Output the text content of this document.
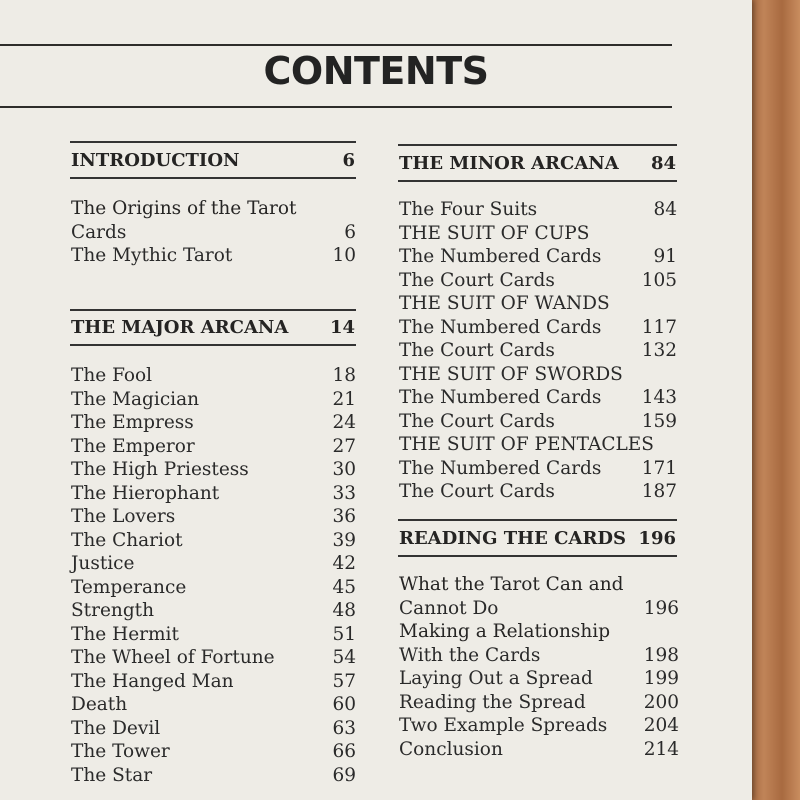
CONTENTS
INTRODUCTION	6
The Origins of the Tarot
Cards	6
The Mythic Tarot	10
THE MAJOR ARCANA 14
The Fool	18
The Magician	21
The Empress	24
The Emperor	27
The High Priestess	30
The Hierophant	33
The Lovers	36
The Chariot	39
Justice	42
Temperance	45
Strength	48
The Hermit	51
The Wheel of Fortune	54
The Hanged Man	57
Death	60
The Devil	63
The Tower	66
The Star	69
THE MINOR ARCANA 84
The Four Suits	84
THE SUIT OF CUPS
The Numbered Cards	91
The Court Cards	105
THE SUIT OF WANDS
The Numbered Cards	117
The Court Cards	132
THE SUIT OF SWORDS
The Numbered Cards	143
The Court Cards	159
THE SUIT OF PENTACLES
The Numbered Cards	171
The Court Cards	187
READING THE CARDS 196
What the Tarot Can and
Cannot Do	196
Making a Relationship
With the Cards	198
Laying Out a Spread	199
Reading the Spread	200
Two Example Spreads	204
Conclusion	214
